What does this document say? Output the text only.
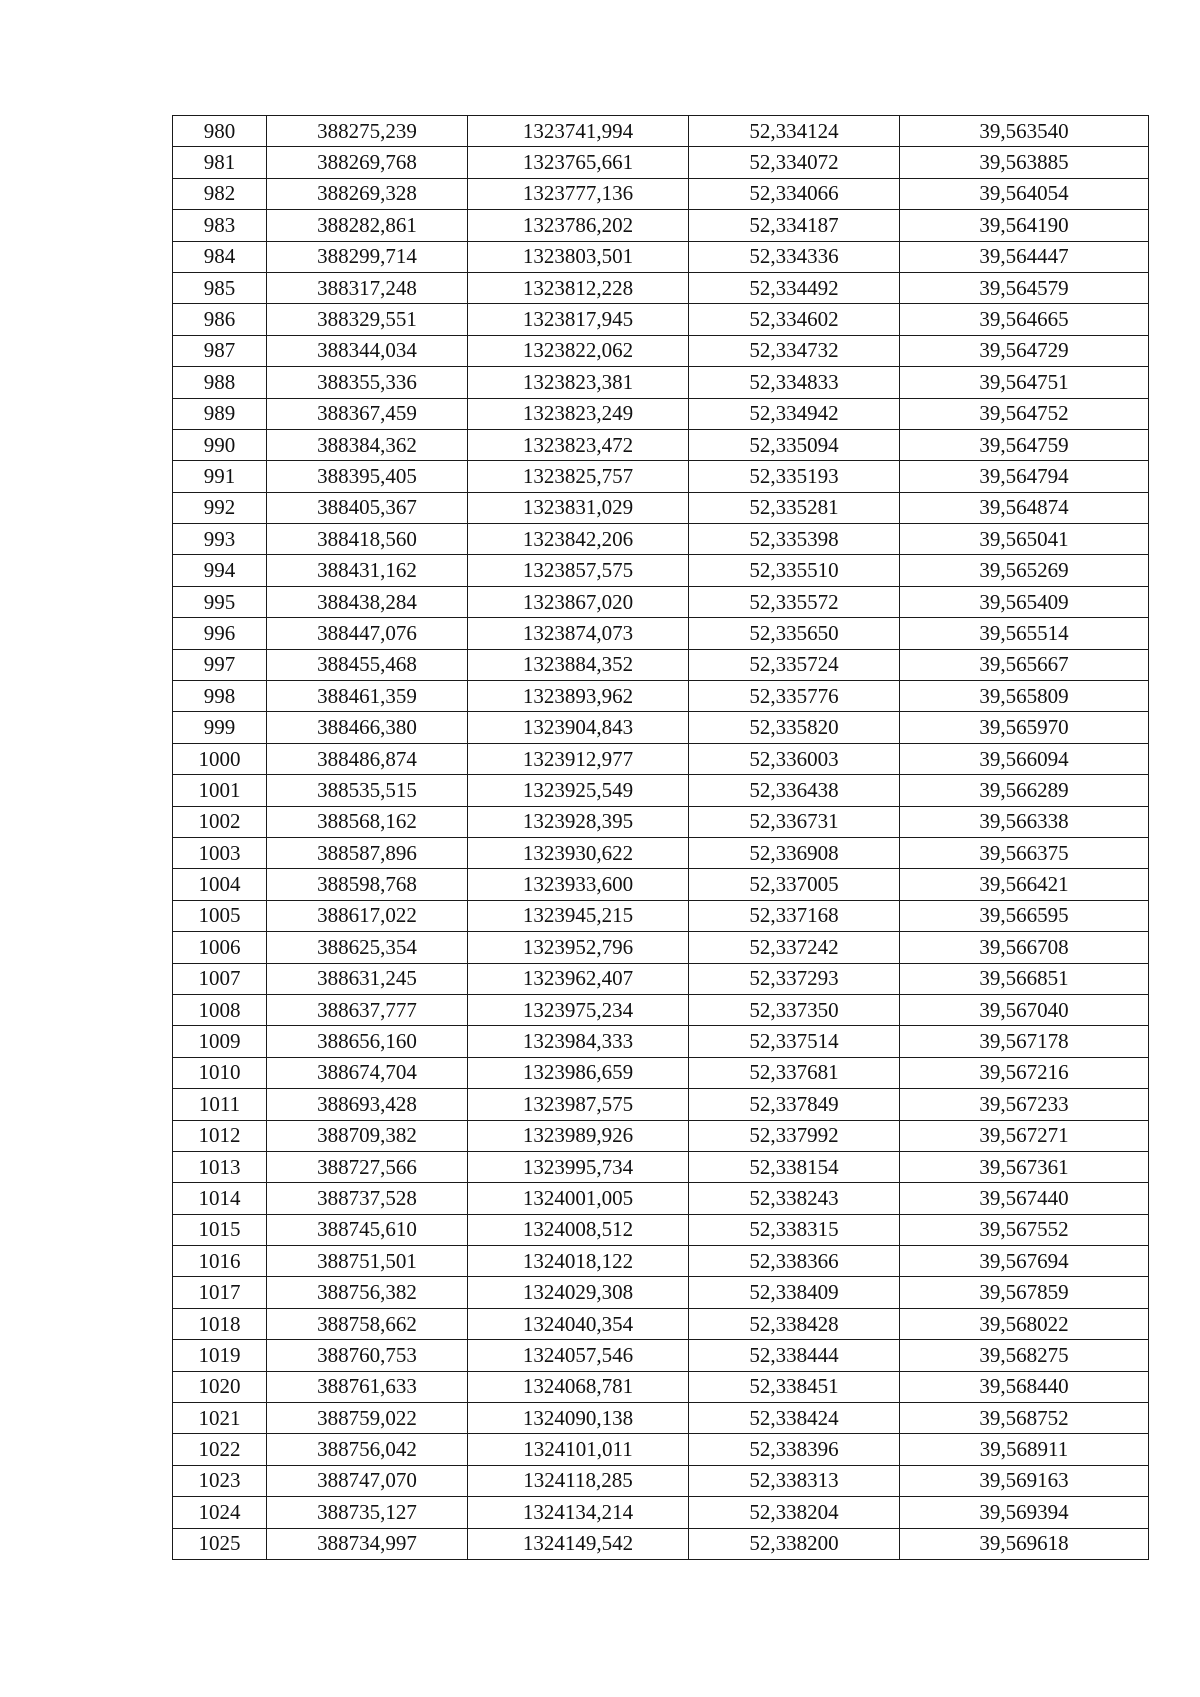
980	388275,239	1323741,994	52,334124	39,563540
981	388269,768	1323765,661	52,334072	39,563885
982	388269,328	1323777,136	52,334066	39,564054
983	388282,861	1323786,202	52,334187	39,564190
984	388299,714	1323803,501	52,334336	39,564447
985	388317,248	1323812,228	52,334492	39,564579
986	388329,551	1323817,945	52,334602	39,564665
987	388344,034	1323822,062	52,334732	39,564729
988	388355,336	1323823,381	52,334833	39,564751
989	388367,459	1323823,249	52,334942	39,564752
990	388384,362	1323823,472	52,335094	39,564759
991	388395,405	1323825,757	52,335193	39,564794
992	388405,367	1323831,029	52,335281	39,564874
993	388418,560	1323842,206	52,335398	39,565041
994	388431,162	1323857,575	52,335510	39,565269
995	388438,284	1323867,020	52,335572	39,565409
996	388447,076	1323874,073	52,335650	39,565514
997	388455,468	1323884,352	52,335724	39,565667
998	388461,359	1323893,962	52,335776	39,565809
999	388466,380	1323904,843	52,335820	39,565970
1000	388486,874	1323912,977	52,336003	39,566094
1001	388535,515	1323925,549	52,336438	39,566289
1002	388568,162	1323928,395	52,336731	39,566338
1003	388587,896	1323930,622	52,336908	39,566375
1004	388598,768	1323933,600	52,337005	39,566421
1005	388617,022	1323945,215	52,337168	39,566595
1006	388625,354	1323952,796	52,337242	39,566708
1007	388631,245	1323962,407	52,337293	39,566851
1008	388637,777	1323975,234	52,337350	39,567040
1009	388656,160	1323984,333	52,337514	39,567178
1010	388674,704	1323986,659	52,337681	39,567216
1011	388693,428	1323987,575	52,337849	39,567233
1012	388709,382	1323989,926	52,337992	39,567271
1013	388727,566	1323995,734	52,338154	39,567361
1014	388737,528	1324001,005	52,338243	39,567440
1015	388745,610	1324008,512	52,338315	39,567552
1016	388751,501	1324018,122	52,338366	39,567694
1017	388756,382	1324029,308	52,338409	39,567859
1018	388758,662	1324040,354	52,338428	39,568022
1019	388760,753	1324057,546	52,338444	39,568275
1020	388761,633	1324068,781	52,338451	39,568440
1021	388759,022	1324090,138	52,338424	39,568752
1022	388756,042	1324101,011	52,338396	39,568911
1023	388747,070	1324118,285	52,338313	39,569163
1024	388735,127	1324134,214	52,338204	39,569394
1025	388734,997	1324149,542	52,338200	39,569618
